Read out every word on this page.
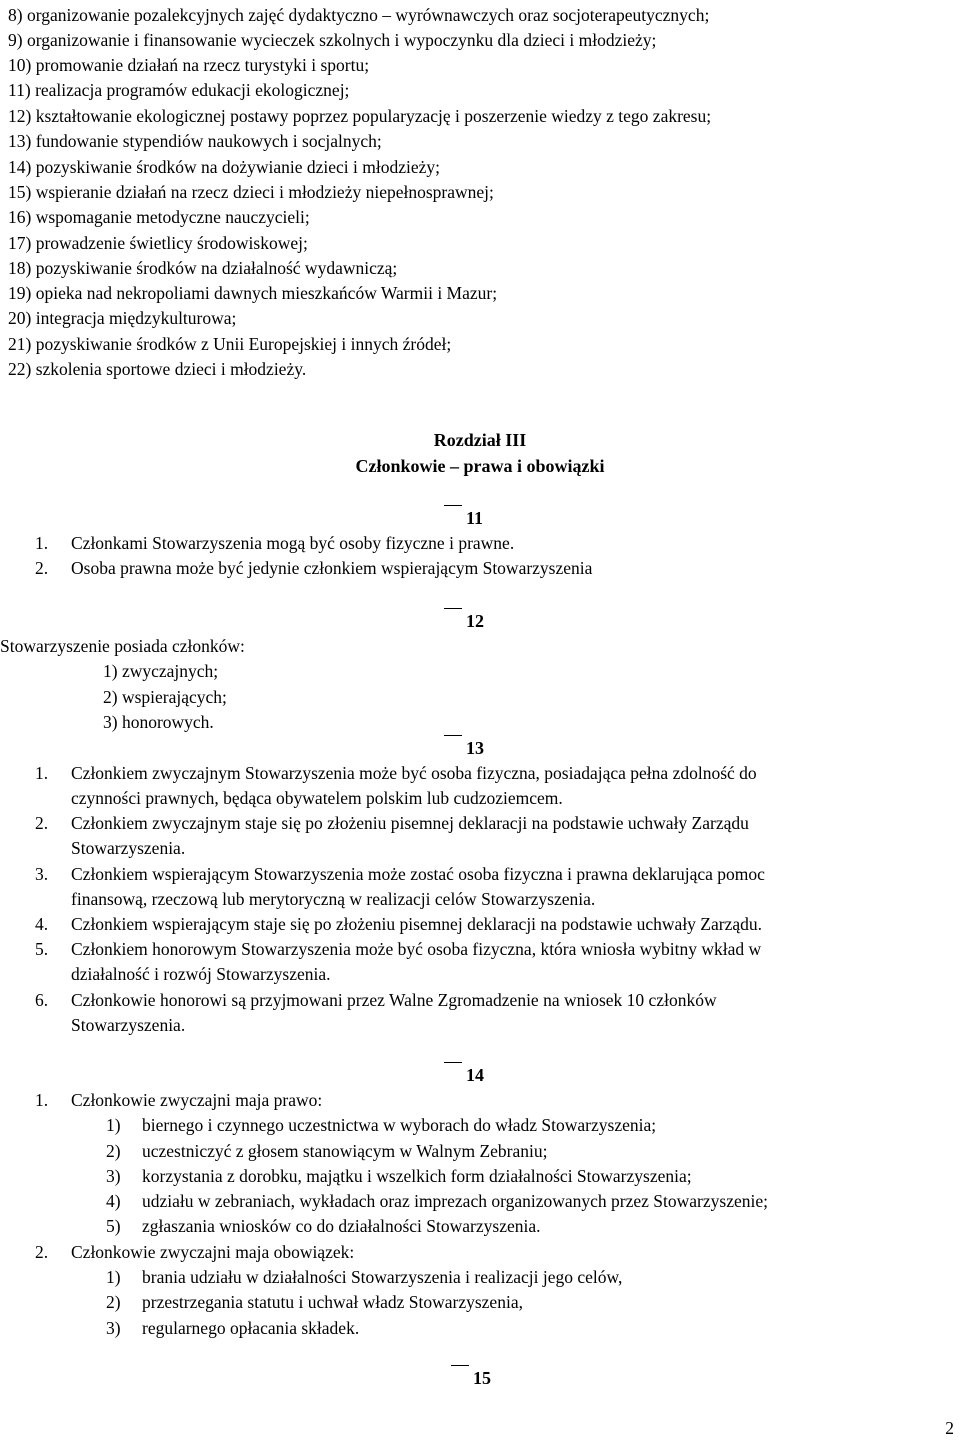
8) organizowanie pozalekcyjnych zajęć dydaktyczno – wyrównawczych oraz socjoterapeutycznych;
9) organizowanie i finansowanie wycieczek szkolnych i wypoczynku dla dzieci i młodzieży;
10) promowanie działań na rzecz turystyki i sportu;
11) realizacja programów edukacji ekologicznej;
12) kształtowanie ekologicznej postawy poprzez popularyzację i poszerzenie wiedzy z tego zakresu;
13) fundowanie stypendiów naukowych i socjalnych;
14) pozyskiwanie środków na dożywianie dzieci i młodzieży;
15) wspieranie działań na rzecz dzieci i młodzieży niepełnosprawnej;
16) wspomaganie metodyczne nauczycieli;
17) prowadzenie świetlicy środowiskowej;
18) pozyskiwanie środków na działalność wydawniczą;
19) opieka nad nekropoliami dawnych mieszkańców Warmii i Mazur;
20) integracja międzykulturowa;
21) pozyskiwanie środków z Unii Europejskiej i innych źródeł;
22) szkolenia sportowe dzieci i młodzieży.
Rozdział III
Członkowie – prawa i obowiązki
11
1. Członkami Stowarzyszenia mogą być osoby fizyczne i prawne.
2. Osoba prawna może być jedynie członkiem wspierającym Stowarzyszenia
12
Stowarzyszenie posiada członków:
1) zwyczajnych;
2) wspierających;
3) honorowych.
13
1. Członkiem zwyczajnym Stowarzyszenia może być osoba fizyczna, posiadająca pełna zdolność do
czynności prawnych, będąca obywatelem polskim lub cudzoziemcem.
2. Członkiem zwyczajnym staje się po złożeniu pisemnej deklaracji na podstawie uchwały Zarządu
Stowarzyszenia.
3. Członkiem wspierającym Stowarzyszenia może zostać osoba fizyczna i prawna deklarująca pomoc
finansową, rzeczową lub merytoryczną w realizacji celów Stowarzyszenia.
4. Członkiem wspierającym staje się po złożeniu pisemnej deklaracji na podstawie uchwały Zarządu.
5. Członkiem honorowym Stowarzyszenia może być osoba fizyczna, która wniosła wybitny wkład w
działalność i rozwój Stowarzyszenia.
6. Członkowie honorowi są przyjmowani przez Walne Zgromadzenie na wniosek 10 członków
Stowarzyszenia.
14
1. Członkowie zwyczajni maja prawo:
1) biernego i czynnego uczestnictwa w wyborach do władz Stowarzyszenia;
2) uczestniczyć z głosem stanowiącym w Walnym Zebraniu;
3) korzystania z dorobku, majątku i wszelkich form działalności Stowarzyszenia;
4) udziału w zebraniach, wykładach oraz imprezach organizowanych przez Stowarzyszenie;
5) zgłaszania wniosków co do działalności Stowarzyszenia.
2. Członkowie zwyczajni maja obowiązek:
1) brania udziału w działalności Stowarzyszenia i realizacji jego celów,
2) przestrzegania statutu i uchwał władz Stowarzyszenia,
3) regularnego opłacania składek.
15
2
